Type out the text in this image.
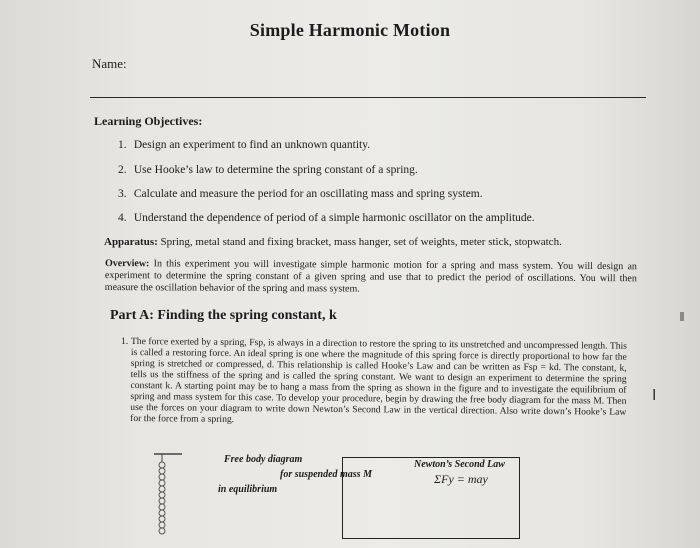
Simple Harmonic Motion
Name:
Learning Objectives:
1. Design an experiment to find an unknown quantity.
2. Use Hooke’s law to determine the spring constant of a spring.
3. Calculate and measure the period for an oscillating mass and spring system.
4. Understand the dependence of period of a simple harmonic oscillator on the amplitude.
Apparatus: Spring, metal stand and fixing bracket, mass hanger, set of weights, meter stick, stopwatch.
Overview: In this experiment you will investigate simple harmonic motion for a spring and mass system. You will design an experiment to determine the spring constant of a given spring and use that to predict the period of oscillations. You will then measure the oscillation behavior of the spring and mass system.
Part A: Finding the spring constant, k
1. The force exerted by a spring, Fsp, is always in a direction to restore the spring to its unstretched and uncompressed length. This is called a restoring force. An ideal spring is one where the magnitude of this spring force is directly proportional to how far the spring is stretched or compressed, d. This relationship is called Hooke’s Law and can be written as Fsp = kd. The constant, k, tells us the stiffness of the spring and is called the spring constant. We want to design an experiment to determine the spring constant k. A starting point may be to hang a mass from the spring as shown in the figure and to investigate the equilibrium of spring and mass system for this case. To develop your procedure, begin by drawing the free body diagram for the mass M. Then use the forces on your diagram to write down Newton’s Second Law in the vertical direction. Also write down’s Hooke’s Law for the force from a spring.
Free body diagram
for suspended mass M
in equilibrium
Newton’s Second Law
ΣFy = may
I
